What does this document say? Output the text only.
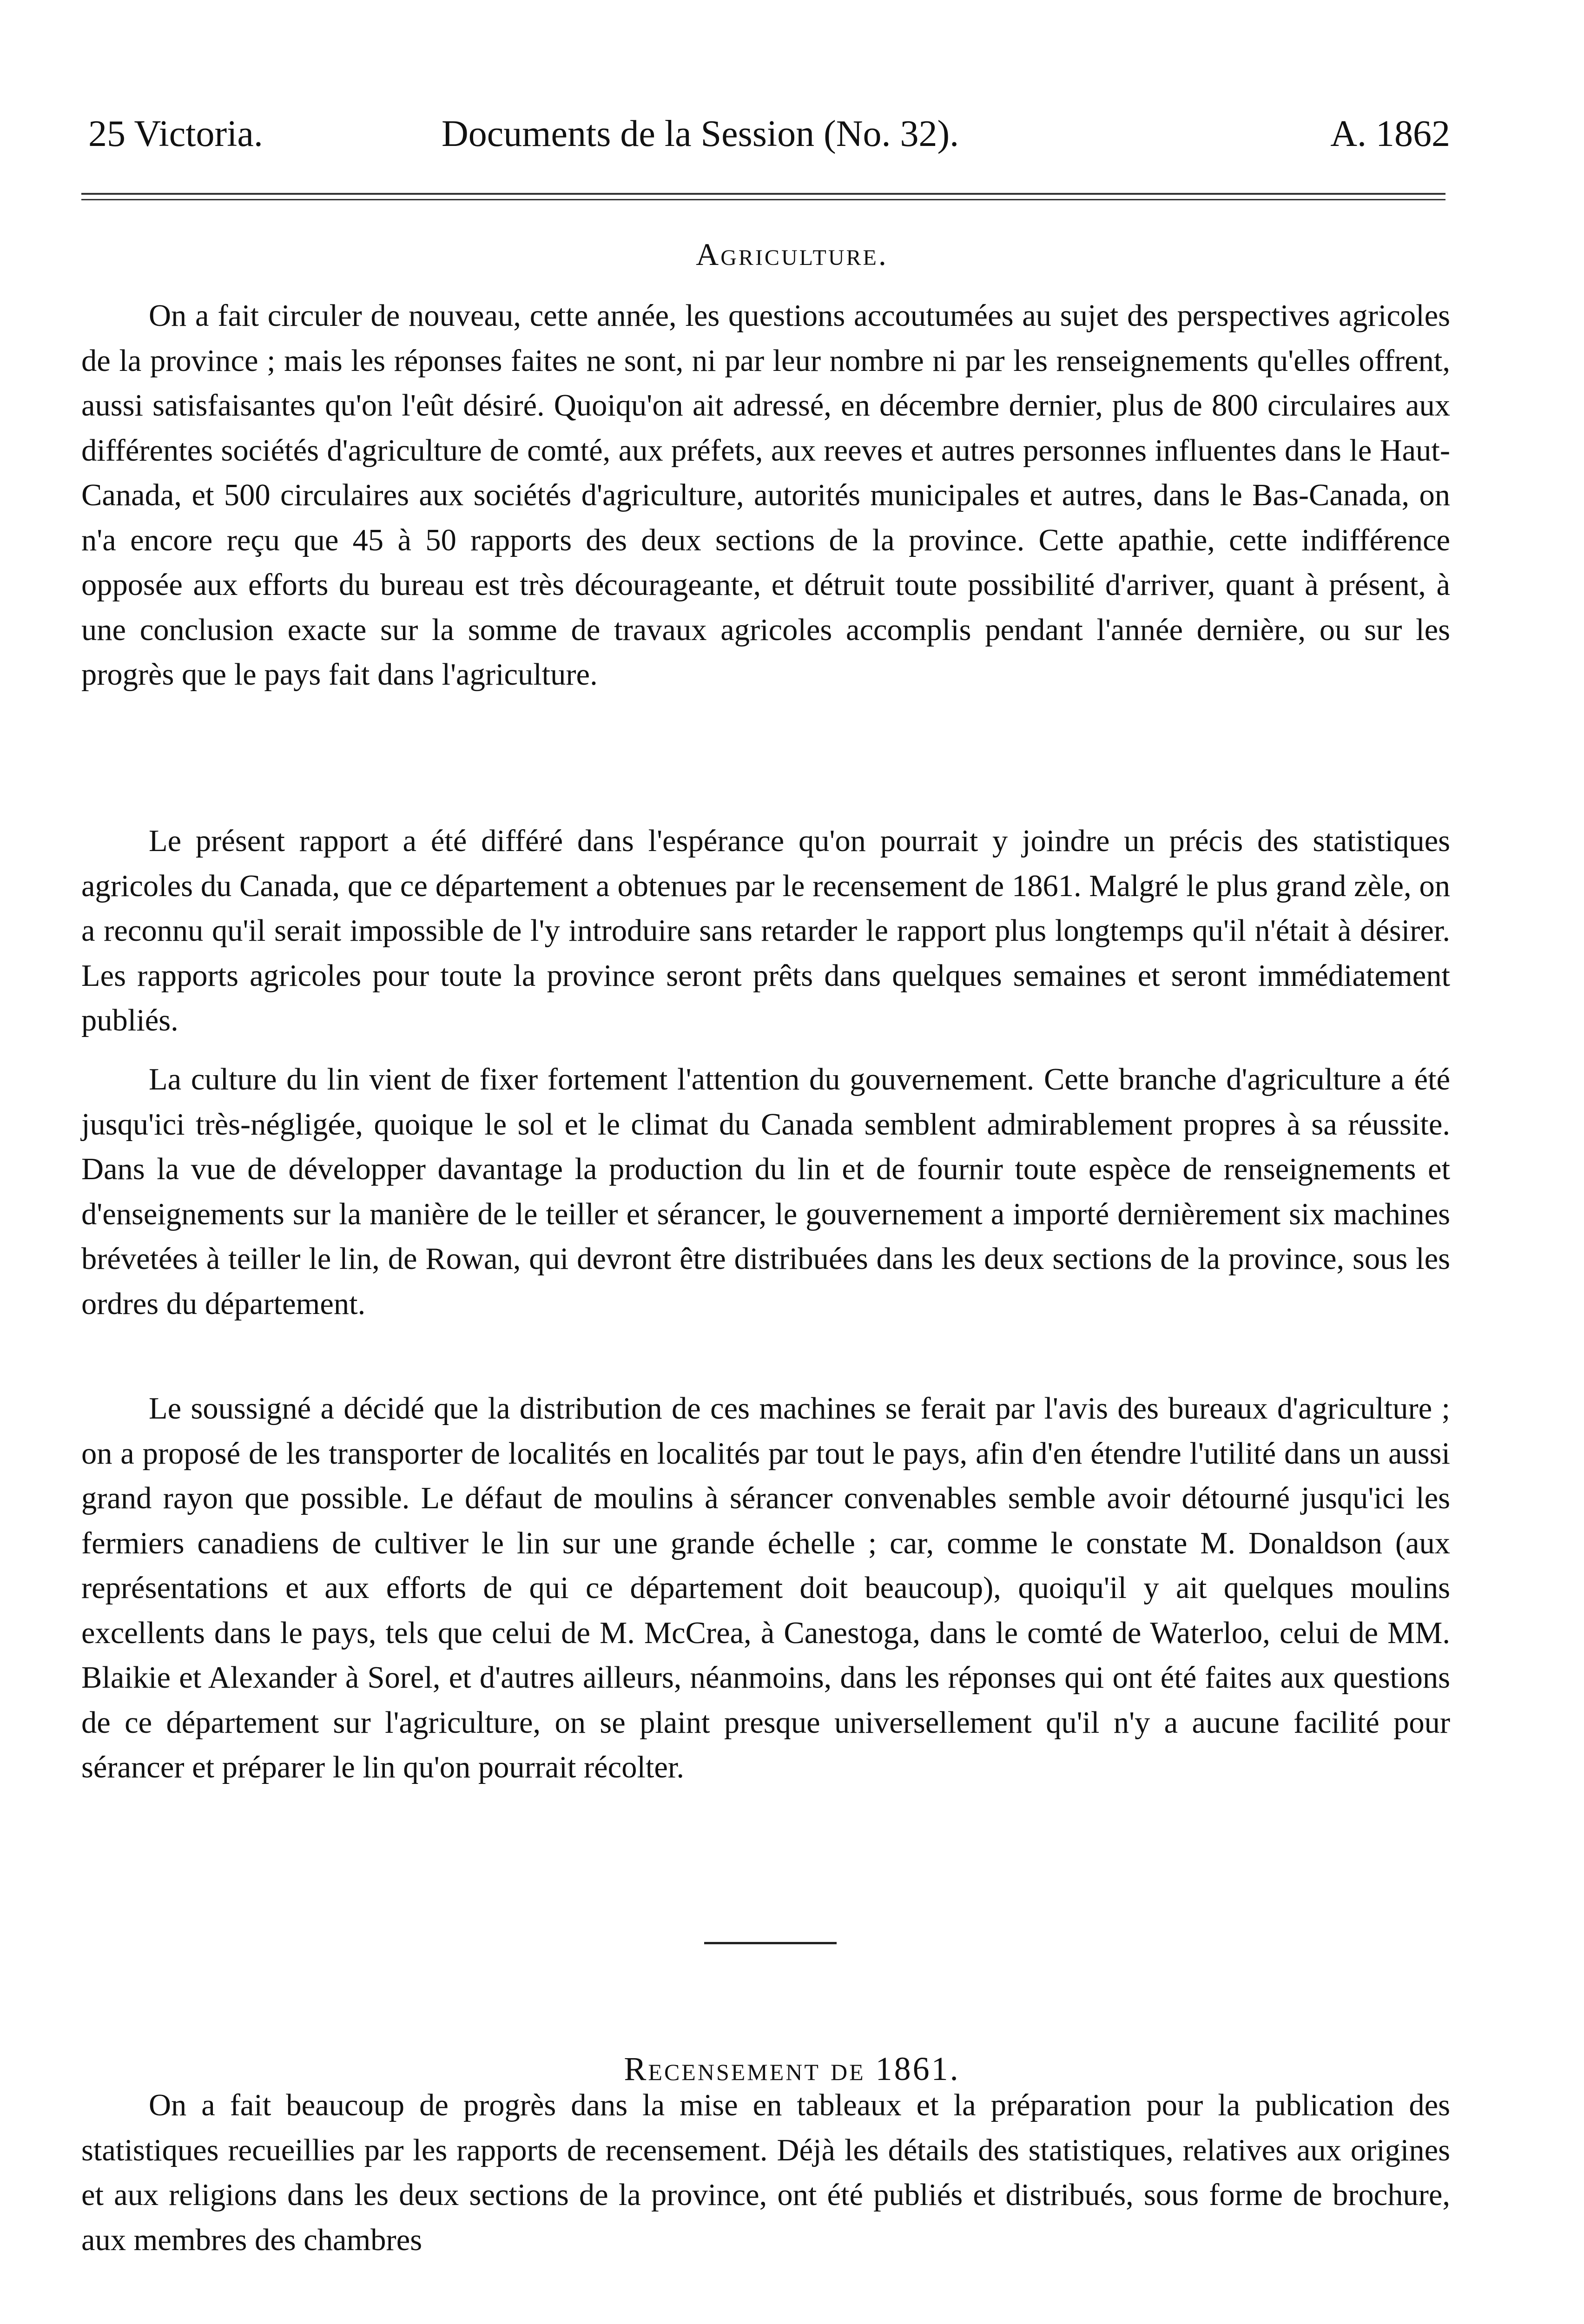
25 Victoria.	Documents de la Session (No. 32).	A. 1862
Agriculture.

On a fait circuler de nouveau, cette année, les questions accoutumées au sujet des perspectives agricoles de la province ; mais les réponses faites ne sont, ni par leur nombre ni par les renseignements qu'elles offrent, aussi satisfaisantes qu'on l'eût désiré. Quoiqu'on ait adressé, en décembre dernier, plus de 800 circulaires aux différentes sociétés d'agriculture de comté, aux préfets, aux reeves et autres personnes influentes dans le Haut-Canada, et 500 circulaires aux sociétés d'agriculture, autorités municipales et autres, dans le Bas-Canada, on n'a encore reçu que 45 à 50 rapports des deux sections de la province. Cette apathie, cette indifférence opposée aux efforts du bureau est très décourageante, et détruit toute possibilité d'arriver, quant à présent, à une conclusion exacte sur la somme de travaux agricoles accomplis pendant l'année dernière, ou sur les progrès que le pays fait dans l'agriculture.

Le présent rapport a été différé dans l'espérance qu'on pourrait y joindre un précis des statistiques agricoles du Canada, que ce département a obtenues par le recensement de 1861. Malgré le plus grand zèle, on a reconnu qu'il serait impossible de l'y introduire sans retarder le rapport plus longtemps qu'il n'était à désirer. Les rapports agricoles pour toute la province seront prêts dans quelques semaines et seront immédiatement publiés.

La culture du lin vient de fixer fortement l'attention du gouvernement. Cette branche d'agriculture a été jusqu'ici très-négligée, quoique le sol et le climat du Canada semblent admirablement propres à sa réussite. Dans la vue de développer davantage la production du lin et de fournir toute espèce de renseignements et d'enseignements sur la manière de le teiller et sérancer, le gouvernement a importé dernièrement six machines brévetées à teiller le lin, de Rowan, qui devront être distribuées dans les deux sections de la province, sous les ordres du département.

Le soussigné a décidé que la distribution de ces machines se ferait par l'avis des bureaux d'agriculture ; on a proposé de les transporter de localités en localités par tout le pays, afin d'en étendre l'utilité dans un aussi grand rayon que possible. Le défaut de moulins à sérancer convenables semble avoir détourné jusqu'ici les fermiers canadiens de cultiver le lin sur une grande échelle ; car, comme le constate M. Donaldson (aux représentations et aux efforts de qui ce département doit beaucoup), quoiqu'il y ait quelques moulins excellents dans le pays, tels que celui de M. McCrea, à Canestoga, dans le comté de Waterloo, celui de MM. Blaikie et Alexander à Sorel, et d'autres ailleurs, néanmoins, dans les réponses qui ont été faites aux questions de ce département sur l'agriculture, on se plaint presque universellement qu'il n'y a aucune facilité pour sérancer et préparer le lin qu'on pourrait récolter.

Recensement de 1861.

On a fait beaucoup de progrès dans la mise en tableaux et la préparation pour la publication des statistiques recueillies par les rapports de recensement. Déjà les détails des statistiques, relatives aux origines et aux religions dans les deux sections de la province, ont été publiés et distribués, sous forme de brochure, aux membres des chambres
